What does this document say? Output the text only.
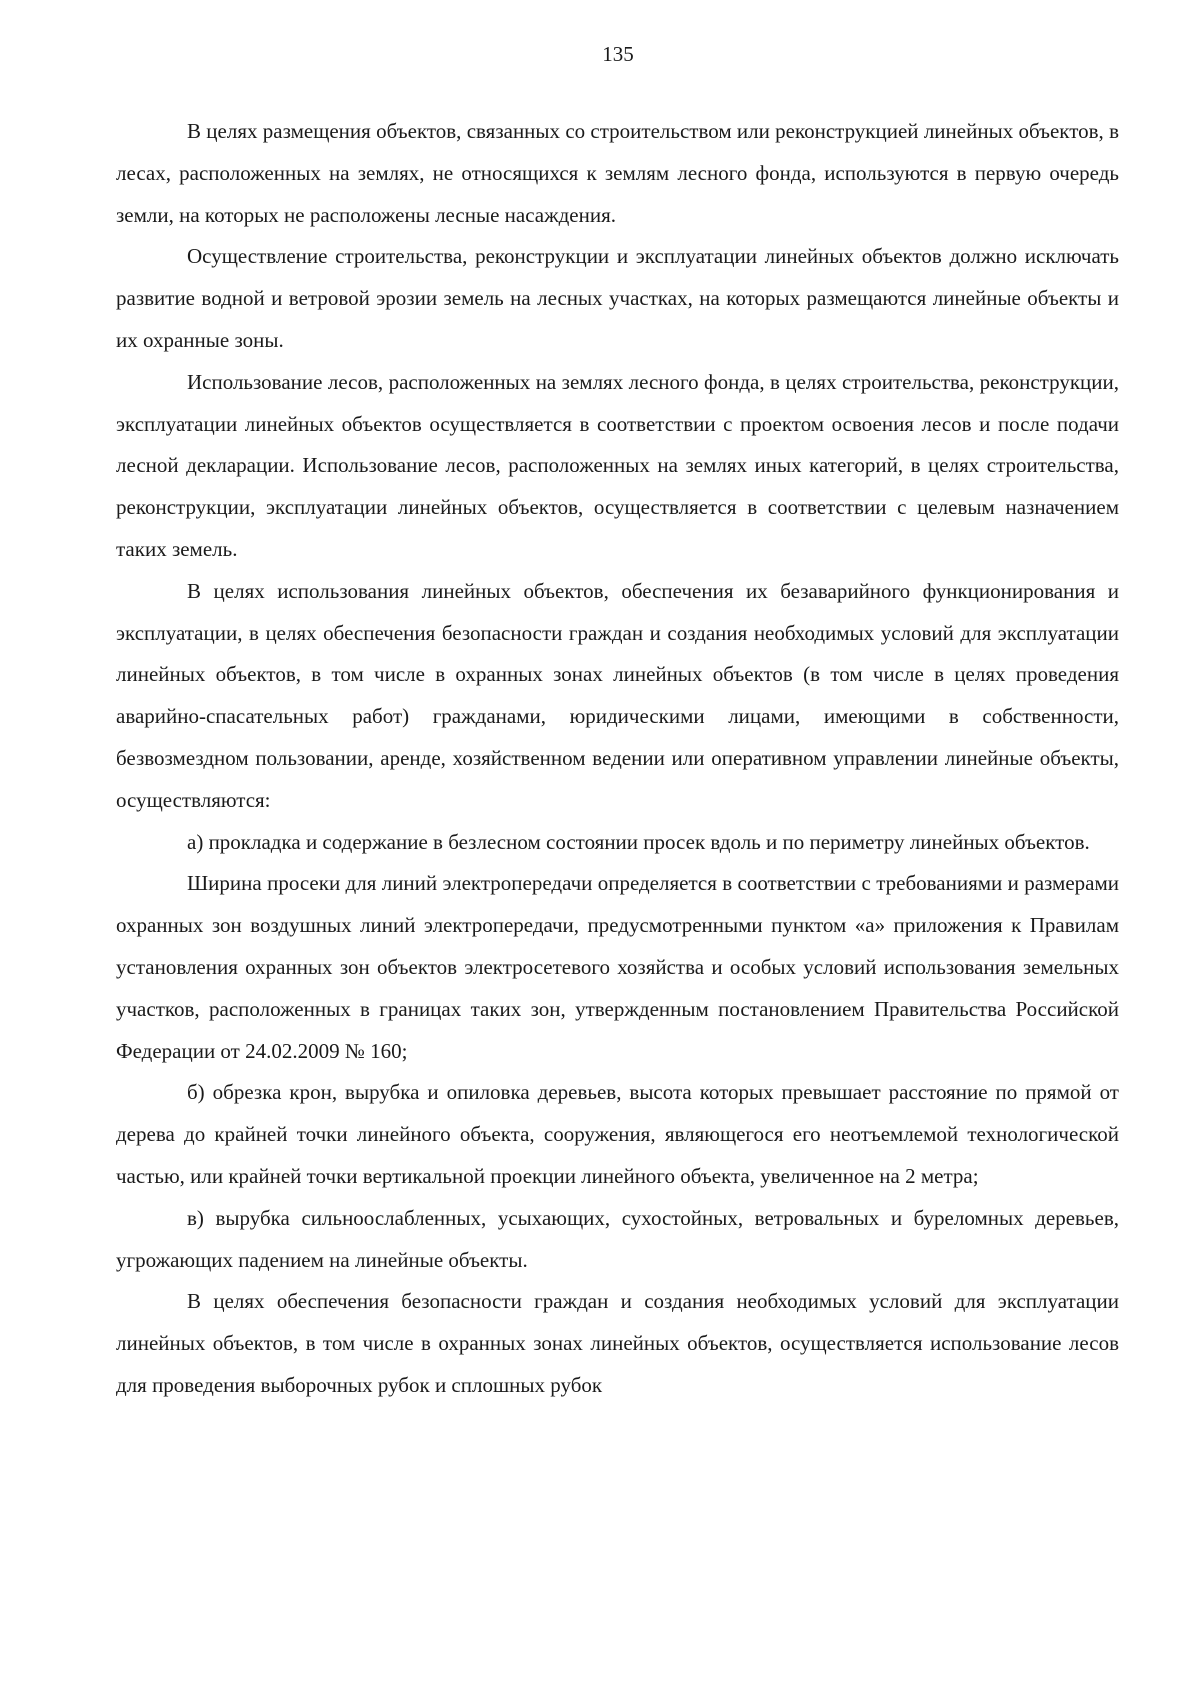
135

В целях размещения объектов, связанных со строительством или реконструкцией линейных объектов, в лесах, расположенных на землях, не относящихся к землям лесного фонда, используются в первую очередь земли, на которых не расположены лесные насаждения.

Осуществление строительства, реконструкции и эксплуатации линейных объектов должно исключать развитие водной и ветровой эрозии земель на лесных участках, на которых размещаются линейные объекты и их охранные зоны.

Использование лесов, расположенных на землях лесного фонда, в целях строительства, реконструкции, эксплуатации линейных объектов осуществляется в соответствии с проектом освоения лесов и после подачи лесной декларации. Использование лесов, расположенных на землях иных категорий, в целях строительства, реконструкции, эксплуатации линейных объектов, осуществляется в соответствии с целевым назначением таких земель.

В целях использования линейных объектов, обеспечения их безаварийного функционирования и эксплуатации, в целях обеспечения безопасности граждан и создания необходимых условий для эксплуатации линейных объектов, в том числе в охранных зонах линейных объектов (в том числе в целях проведения аварийно-спасательных работ) гражданами, юридическими лицами, имеющими в собственности, безвозмездном пользовании, аренде, хозяйственном ведении или оперативном управлении линейные объекты, осуществляются:

а) прокладка и содержание в безлесном состоянии просек вдоль и по периметру линейных объектов.

Ширина просеки для линий электропередачи определяется в соответствии с требованиями и размерами охранных зон воздушных линий электропередачи, предусмотренными пунктом «а» приложения к Правилам установления охранных зон объектов электросетевого хозяйства и особых условий использования земельных участков, расположенных в границах таких зон, утвержденным постановлением Правительства Российской Федерации от 24.02.2009 № 160;

б) обрезка крон, вырубка и опиловка деревьев, высота которых превышает расстояние по прямой от дерева до крайней точки линейного объекта, сооружения, являющегося его неотъемлемой технологической частью, или крайней точки вертикальной проекции линейного объекта, увеличенное на 2 метра;

в) вырубка сильноослабленных, усыхающих, сухостойных, ветровальных и буреломных деревьев, угрожающих падением на линейные объекты.

В целях обеспечения безопасности граждан и создания необходимых условий для эксплуатации линейных объектов, в том числе в охранных зонах линейных объектов, осуществляется использование лесов для проведения выборочных рубок и сплошных рубок
